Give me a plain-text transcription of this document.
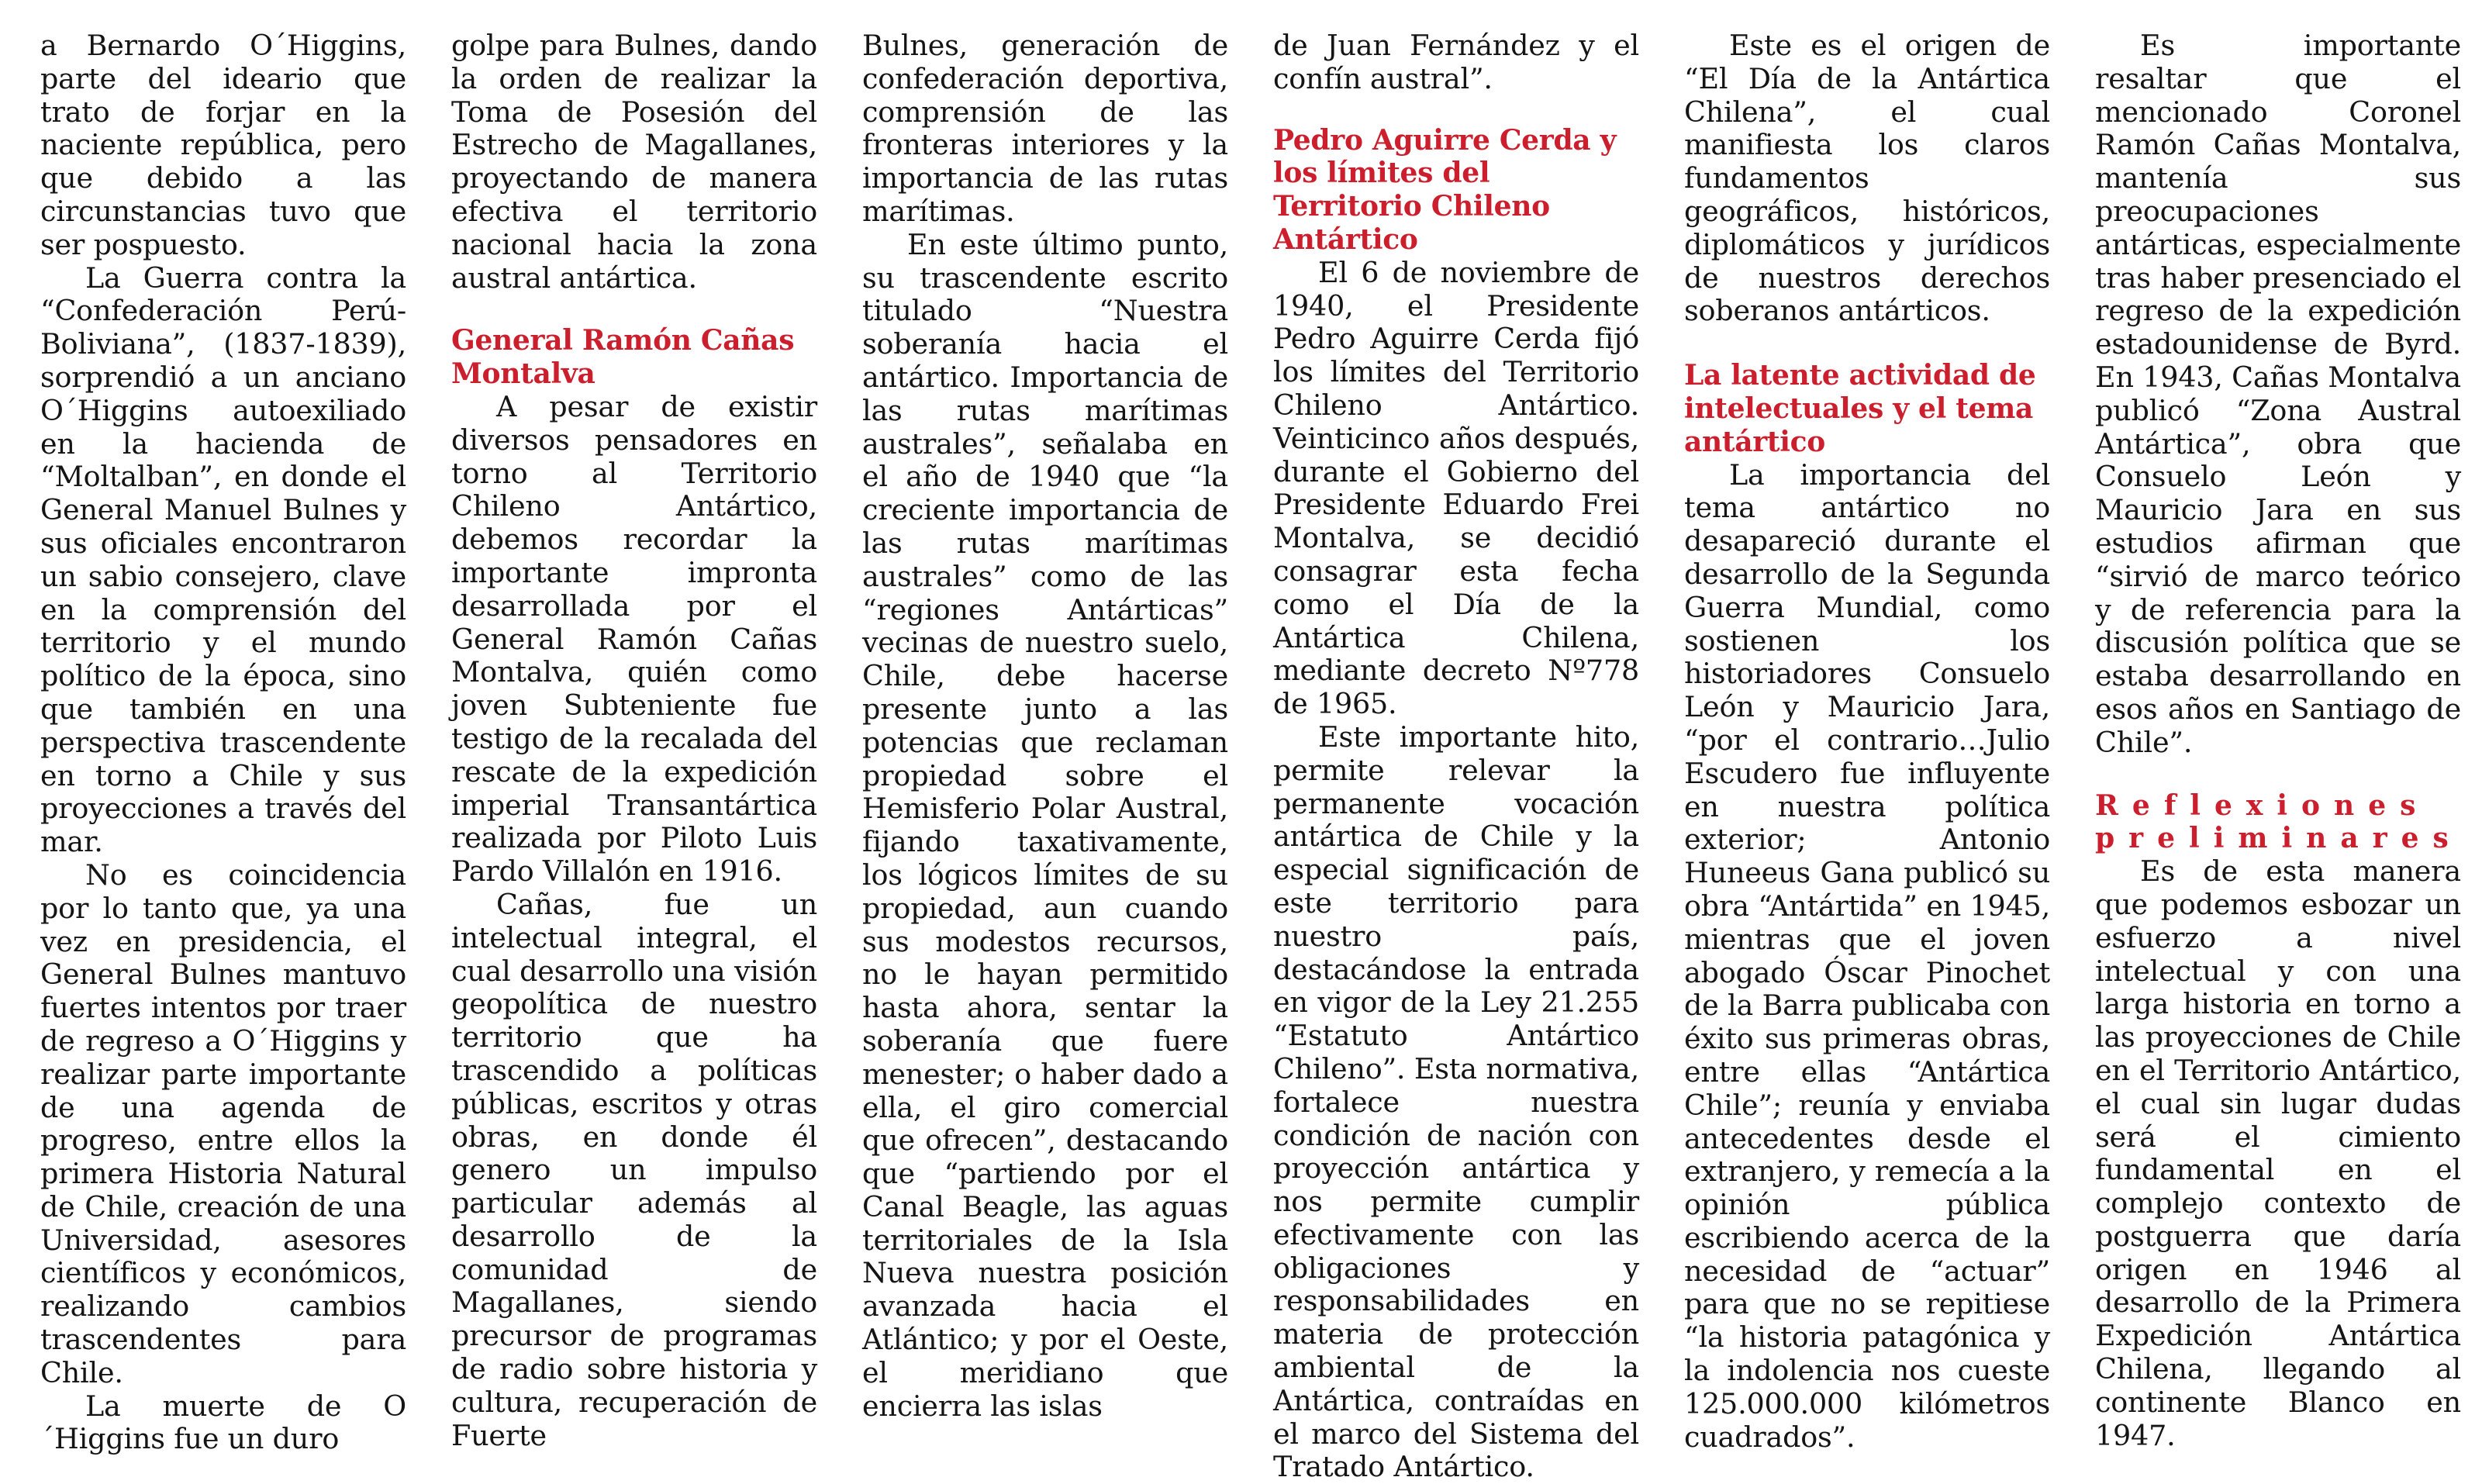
a Bernardo O´Higgins, parte del ideario que trato de forjar en la naciente república, pero que debido a las circunstancias tuvo que ser pospuesto.

La Guerra contra la “Confederación Perú-Boliviana”, (1837-1839), sorprendió a un anciano O´Higgins autoexiliado en la hacienda de “Moltalban”, en donde el General Manuel Bulnes y sus oficiales encontraron un sabio consejero, clave en la comprensión del territorio y el mundo político de la época, sino que también en una perspectiva trascendente en torno a Chile y sus proyecciones a través del mar.

No es coincidencia por lo tanto que, ya una vez en presidencia, el General Bulnes mantuvo fuertes intentos por traer de regreso a O´Higgins y realizar parte importante de una agenda de progreso, entre ellos la primera Historia Natural de Chile, creación de una Universidad, asesores científicos y económicos, realizando cambios trascendentes para Chile.

La muerte de O´Higgins fue un duro

golpe para Bulnes, dando la orden de realizar la Toma de Posesión del Estrecho de Magallanes, proyectando de manera efectiva el territorio nacional hacia la zona austral antártica.

General Ramón Cañas Montalva

A pesar de existir diversos pensadores en torno al Territorio Chileno Antártico, debemos recordar la importante impronta desarrollada por el General Ramón Cañas Montalva, quién como joven Subteniente fue testigo de la recalada del rescate de la expedición imperial Transantártica realizada por Piloto Luis Pardo Villalón en 1916.

Cañas, fue un intelectual integral, el cual desarrollo una visión geopolítica de nuestro territorio que ha trascendido a políticas públicas, escritos y otras obras, en donde él genero un impulso particular además al desarrollo de la comunidad de Magallanes, siendo precursor de programas de radio sobre historia y cultura, recuperación de Fuerte

Bulnes, generación de confederación deportiva, comprensión de las fronteras interiores y la importancia de las rutas marítimas.

En este último punto, su trascendente escrito titulado “Nuestra soberanía hacia el antártico. Importancia de las rutas marítimas australes”, señalaba en el año de 1940 que “la creciente importancia de las rutas marítimas australes” como de las “regiones Antárticas” vecinas de nuestro suelo, Chile, debe hacerse presente junto a las potencias que reclaman propiedad sobre el Hemisferio Polar Austral, fijando taxativamente, los lógicos límites de su propiedad, aun cuando sus modestos recursos, no le hayan permitido hasta ahora, sentar la soberanía que fuere menester; o haber dado a ella, el giro comercial que ofrecen”, destacando que “partiendo por el Canal Beagle, las aguas territoriales de la Isla Nueva nuestra posición avanzada hacia el Atlántico; y por el Oeste, el meridiano que encierra las islas

de Juan Fernández y el confín austral”.

Pedro Aguirre Cerda y los límites del Territorio Chileno Antártico

El 6 de noviembre de 1940, el Presidente Pedro Aguirre Cerda fijó los límites del Territorio Chileno Antártico. Veinticinco años después, durante el Gobierno del Presidente Eduardo Frei Montalva, se decidió consagrar esta fecha como el Día de la Antártica Chilena, mediante decreto Nº778 de 1965.

Este importante hito, permite relevar la permanente vocación antártica de Chile y la especial significación de este territorio para nuestro país, destacándose la entrada en vigor de la Ley 21.255 “Estatuto Antártico Chileno”. Esta normativa, fortalece nuestra condición de nación con proyección antártica y nos permite cumplir efectivamente con las obligaciones y responsabilidades en materia de protección ambiental de la Antártica, contraídas en el marco del Sistema del Tratado Antártico.

Este es el origen de “El Día de la Antártica Chilena”, el cual manifiesta los claros fundamentos geográficos, históricos, diplomáticos y jurídicos de nuestros derechos soberanos antárticos.

La latente actividad de intelectuales y el tema antártico

La importancia del tema antártico no desapareció durante el desarrollo de la Segunda Guerra Mundial, como sostienen los historiadores Consuelo León y Mauricio Jara, “por el contrario…Julio Escudero fue influyente en nuestra política exterior; Antonio Huneeus Gana publicó su obra “Antártida” en 1945, mientras que el joven abogado Óscar Pinochet de la Barra publicaba con éxito sus primeras obras, entre ellas “Antártica Chile”; reunía y enviaba antecedentes desde el extranjero, y remecía a la opinión pública escribiendo acerca de la necesidad de “actuar” para que no se repitiese “la historia patagónica y la indolencia nos cueste 125.000.000 kilómetros cuadrados”.

Es importante resaltar que el mencionado Coronel Ramón Cañas Montalva, mantenía sus preocupaciones antárticas, especialmente tras haber presenciado el regreso de la expedición estadounidense de Byrd. En 1943, Cañas Montalva publicó “Zona Austral Antártica”, obra que Consuelo León y Mauricio Jara en sus estudios afirman que “sirvió de marco teórico y de referencia para la discusión política que se estaba desarrollando en esos años en Santiago de Chile”.

Reflexiones preliminares

Es de esta manera que podemos esbozar un esfuerzo a nivel intelectual y con una larga historia en torno a las proyecciones de Chile en el Territorio Antártico, el cual sin lugar dudas será el cimiento fundamental en el complejo contexto de postguerra que daría origen en 1946 al desarrollo de la Primera Expedición Antártica Chilena, llegando al continente Blanco en 1947.
